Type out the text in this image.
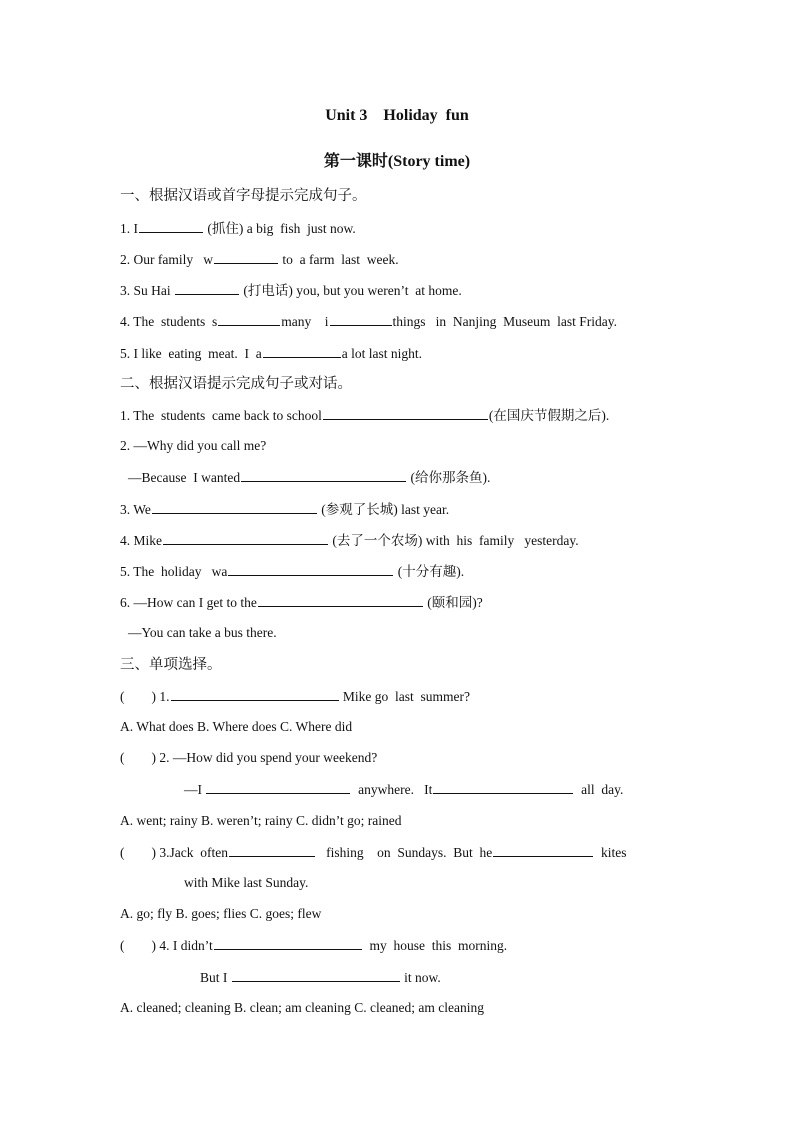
Unit 3    Holiday  fun
第一课时(Story time)
一、根据汉语或首字母提示完成句子。
1. I	(抓住) a big  fish  just now.
2. Our family   w	to  a farm  last  week.
3. Su Hai	(打电话) you, but you weren’t  at home.
4. The  students  s	many    i	things   in  Nanjing  Museum  last Friday.
5. I like  eating  meat.  I  a	a lot last night.
二、根据汉语提示完成句子或对话。
1. The  students  came back to school	(在国庆节假期之后).
2. —Why did you call me?
—Because  I wanted	(给你那条鱼).
3. We	(参观了长城) last year.
4. Mike	(去了一个农场) with  his  family   yesterday.
5. The  holiday   wa	(十分有趣).
6. —How can I get to the	(颐和园)?
—You can take a bus there.
三、单项选择。
(        ) 1.	Mike go  last  summer?
A. What does B. Where does C. Where did
(        ) 2. —How did you spend your weekend?
—I	anywhere.   It	all  day.
A. went; rainy B. weren’t; rainy C. didn’t go; rained
(        ) 3.Jack  often	fishing    on  Sundays.  But  he	kites
with Mike last Sunday.
A. go; fly B. goes; flies C. goes; flew
(        ) 4. I didn’t	my  house  this  morning.
But I	it now.
A. cleaned; cleaning B. clean; am cleaning C. cleaned; am cleaning
